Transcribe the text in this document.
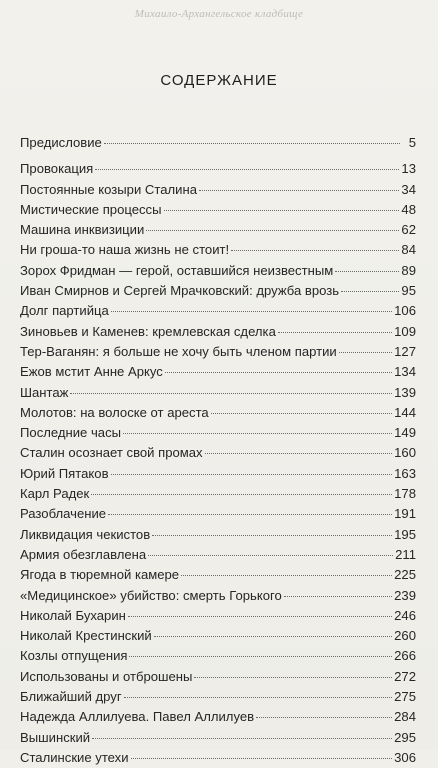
Михаило-Архангельское кладбище
СОДЕРЖАНИЕ
Предисловие	5
Провокация	13
Постоянные козыри Сталина	34
Мистические процессы	48
Машина инквизиции	62
Ни гроша-то наша жизнь не стоит!	84
Зорох Фридман — герой, оставшийся неизвестным	89
Иван Смирнов и Сергей Мрачковский: дружба врозь	95
Долг партийца	106
Зиновьев и Каменев: кремлевская сделка	109
Тер-Ваганян: я больше не хочу быть членом партии	127
Ежов мстит Анне Аркус	134
Шантаж	139
Молотов: на волоске от ареста	144
Последние часы	149
Сталин осознает свой промах	160
Юрий Пятаков	163
Карл Радек	178
Разоблачение	191
Ликвидация чекистов	195
Армия обезглавлена	211
Ягода в тюремной камере	225
«Медицинское» убийство: смерть Горького	239
Николай Бухарин	246
Николай Крестинский	260
Козлы отпущения	266
Использованы и отброшены	272
Ближайший друг	275
Надежда Аллилуева. Павел Аллилуев	284
Вышинский	295
Сталинские утехи	306
